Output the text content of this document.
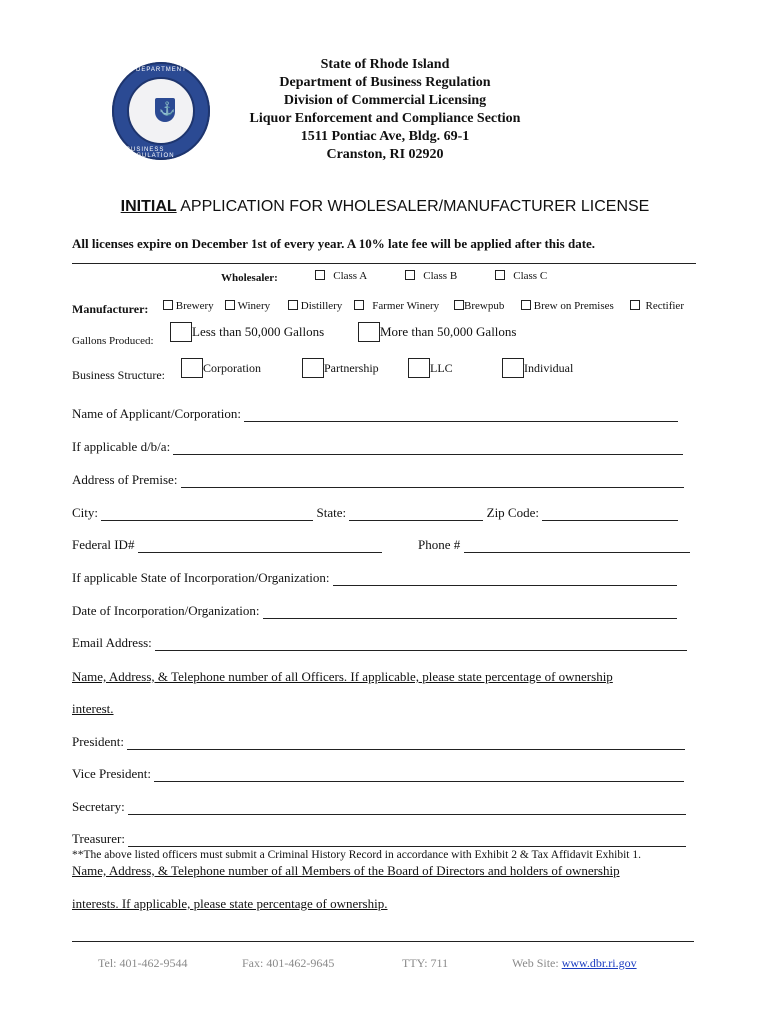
DEPARTMENT OF
⚓
BUSINESS REGULATION
State of Rhode Island
Department of Business Regulation
Division of Commercial Licensing
Liquor Enforcement and Compliance Section
1511 Pontiac Ave, Bldg. 69-1
Cranston, RI 02920
INITIAL APPLICATION FOR WHOLESALER/MANUFACTURER LICENSE
All licenses expire on December 1st of every year. A 10% late fee will be applied after this date.
Wholesaler:	Class A	Class B	Class C
Manufacturer:	Brewery	Winery	Distillery	Farmer Winery	Brewpub	Brew on Premises	Rectifier
Gallons Produced:
Less than 50,000 Gallons	More than 50,000 Gallons
Business Structure:	Corporation	Partnership	LLC	Individual
Name of Applicant/Corporation:
If applicable d/b/a:
Address of Premise:
City:	State:	Zip Code:
Federal ID#	Phone #
If applicable State of Incorporation/Organization:
Date of Incorporation/Organization:
Email Address:
Name, Address, & Telephone number of all Officers. If applicable, please state percentage of ownership
interest.
President:
Vice President:
Secretary:
Treasurer:
**The above listed officers must submit a Criminal History Record in accordance with Exhibit 2 & Tax Affidavit Exhibit 1.
Name, Address, & Telephone number of all Members of the Board of Directors and holders of ownership
interests. If applicable, please state percentage of ownership.
Tel: 401-462-9544	Fax: 401-462-9645	TTY: 711	Web Site: www.dbr.ri.gov
